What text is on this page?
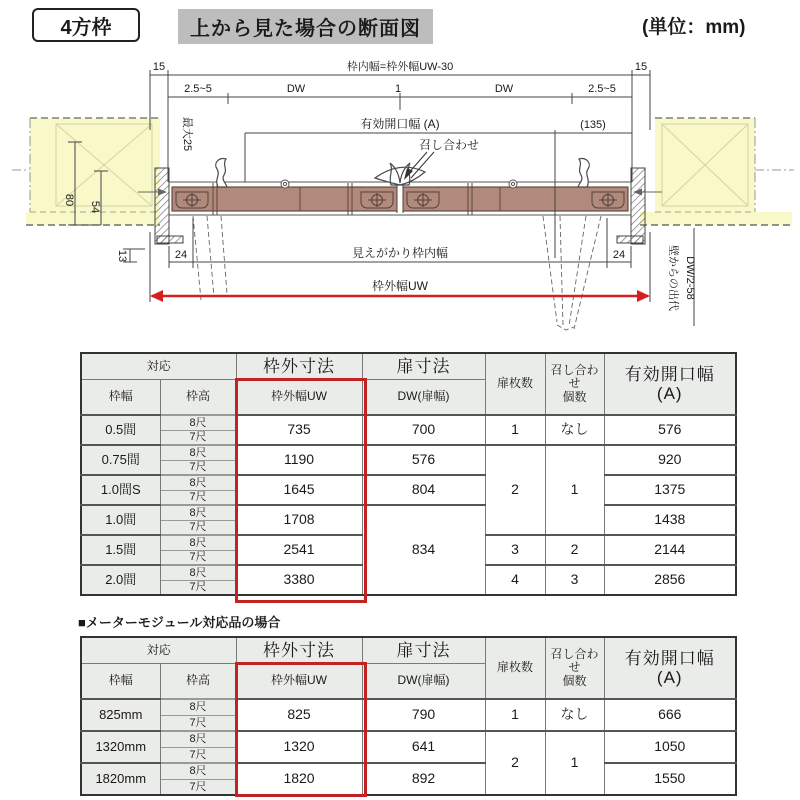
4方枠	上から見た場合の断面図	(単位：mm)
15	枠内幅=枠外幅UW-30	15
2.5~5	DW	1	DW	2.5~5
最大25	有効開口幅 (A)	(135)
召し合わせ
80
54
13	24	見えがかり枠内幅	24
枠外幅UW	壁からの出代 DW/2-58
対応		枠外寸法	扉寸法	扉枚数	召し合わせ
個数	有効開口幅
(A)
枠幅	枠高	枠外幅UW	DW(扉幅)			
0.5間	8尺	735	700	1	なし	576
	7尺					
0.75間	8尺	1190	576	2	1	920
	7尺					
1.0間S	8尺	1645	804			1375
	7尺					
1.0間	8尺	1708	834			1438
	7尺					
1.5間	8尺	2541		3	2	2144
	7尺					
2.0間	8尺	3380		4	3	2856
	7尺					
■メーターモジュール対応品の場合
対応		枠外寸法	扉寸法	扉枚数	召し合わせ
個数	有効開口幅
(A)
枠幅	枠高	枠外幅UW	DW(扉幅)			
825mm	8尺	825	790	1	なし	666
	7尺					
1320mm	8尺	1320	641	2	1	1050
	7尺					
1820mm	8尺	1820	892			1550
	7尺					
